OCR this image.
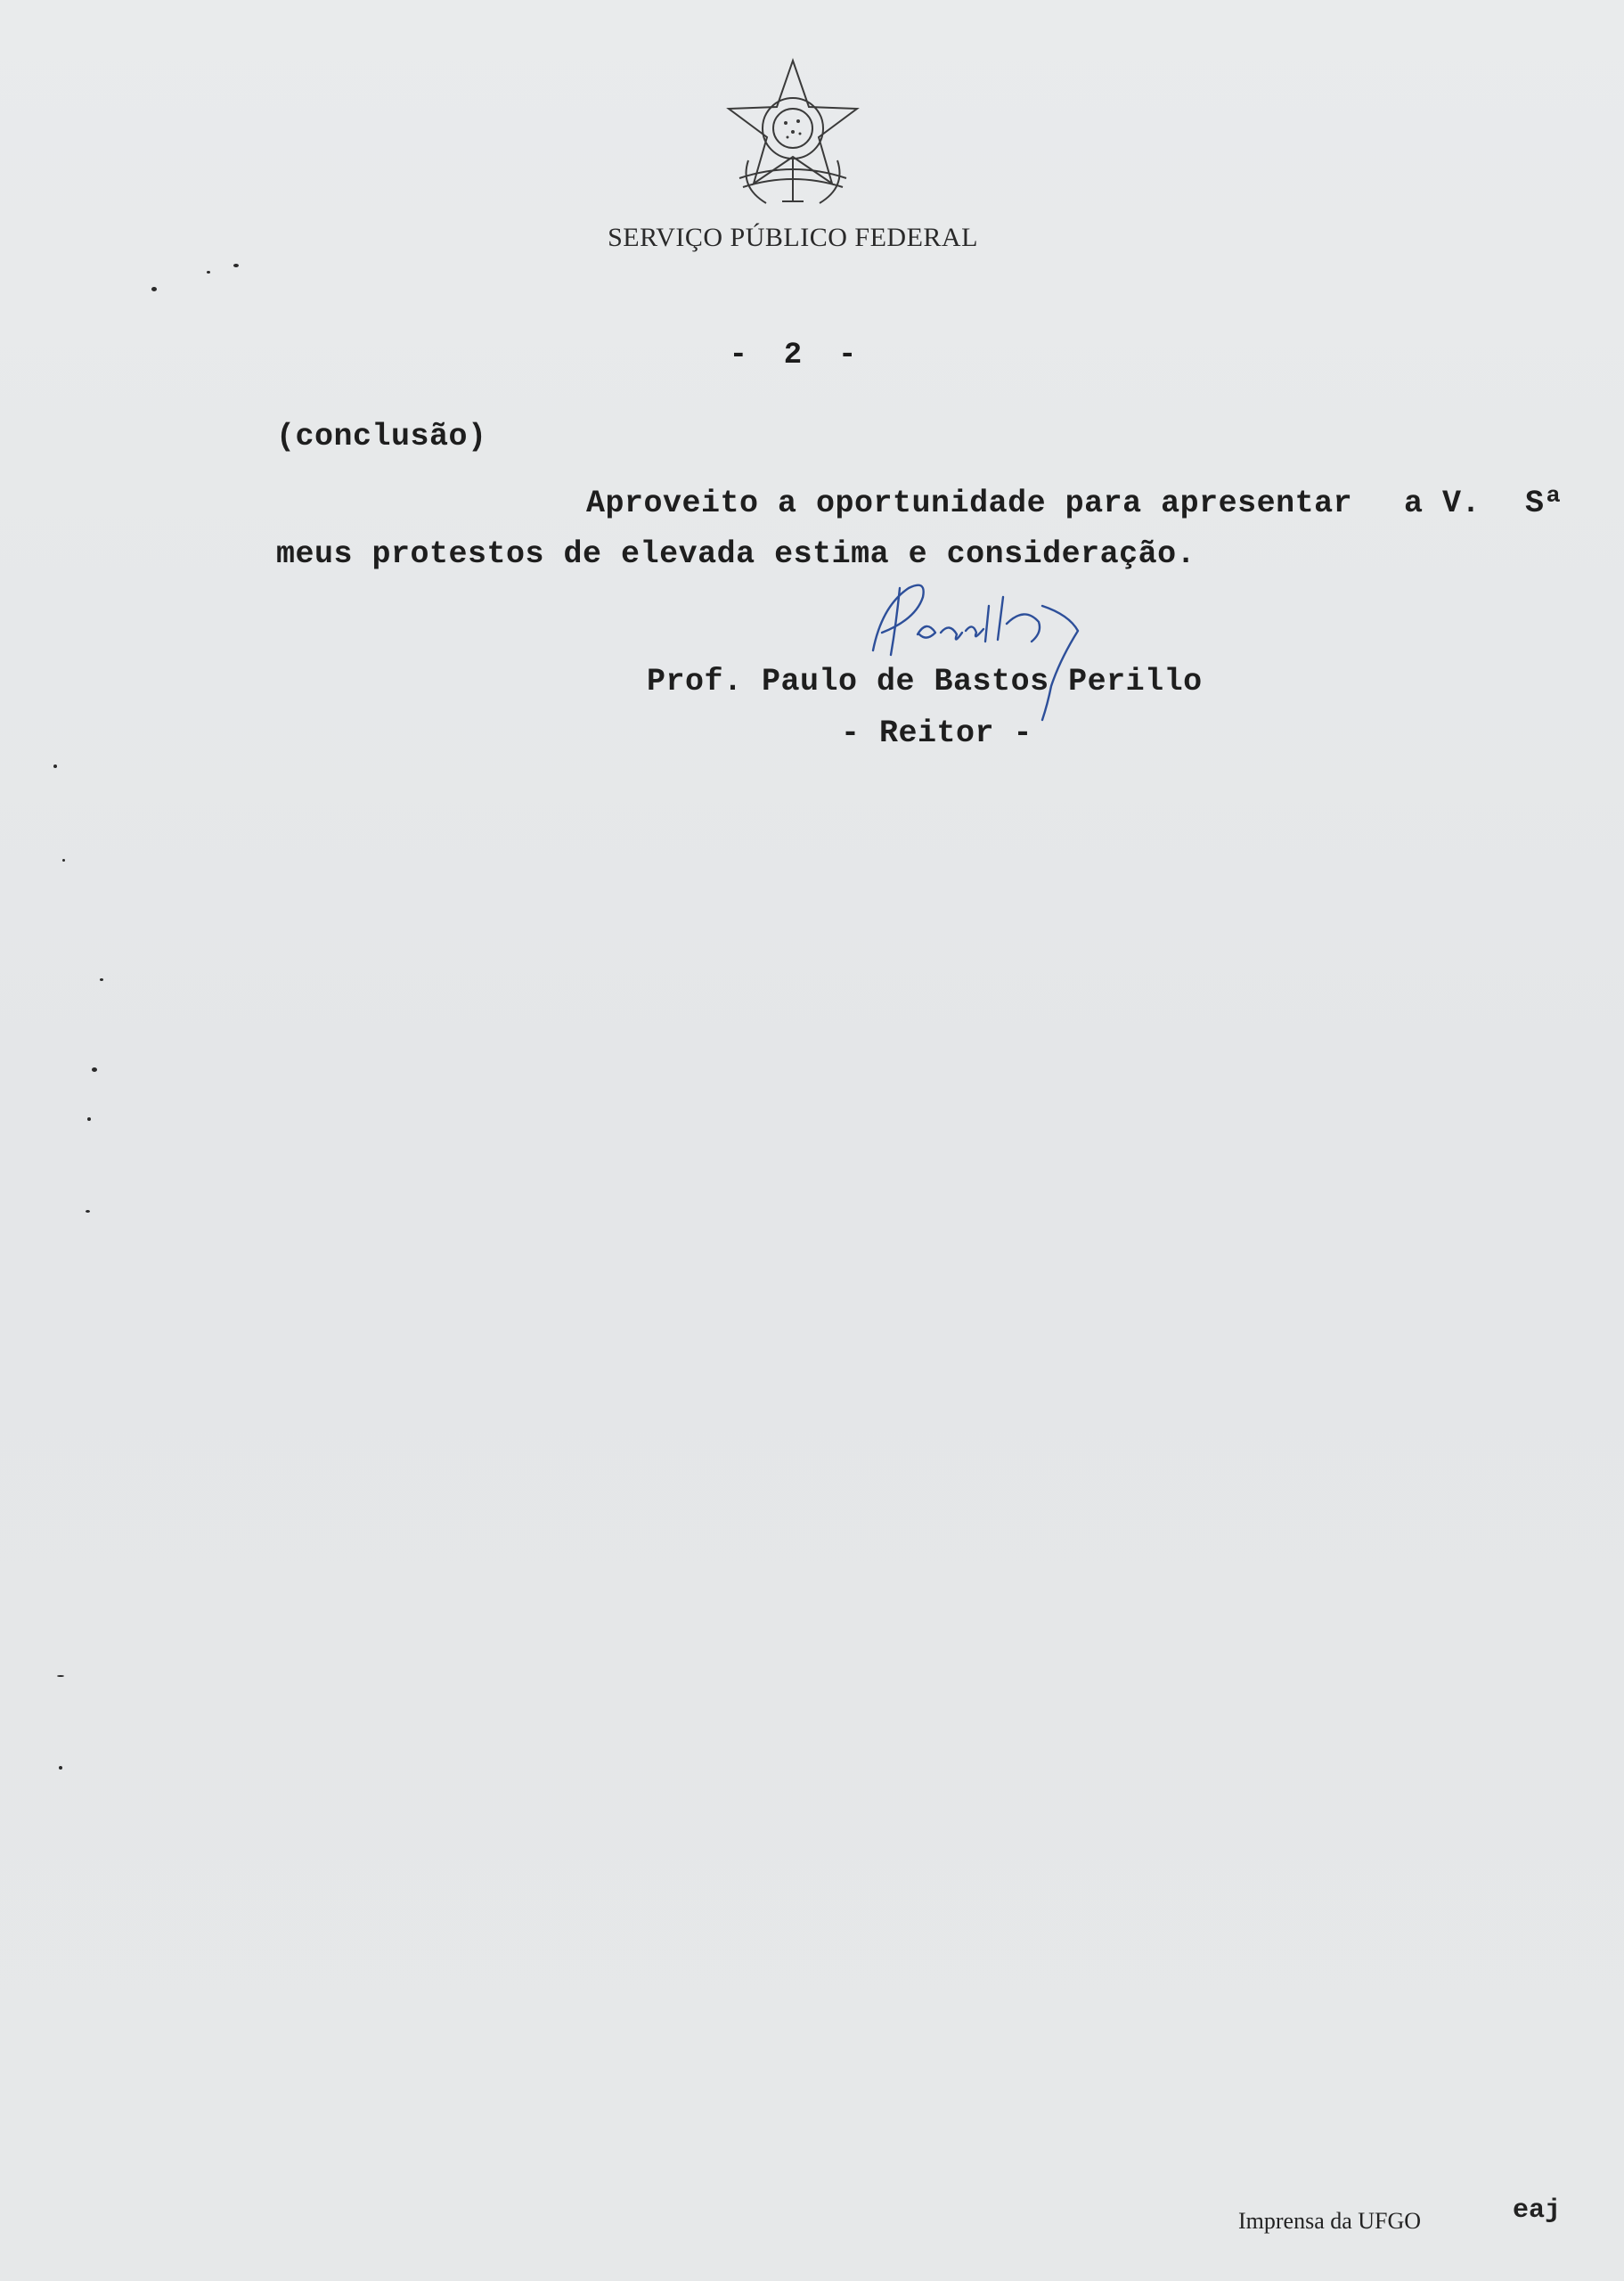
SERVIÇO PÚBLICO FEDERAL
-  2  -
(conclusão)
Aproveito a oportunidade para apresentar a V. Sª
meus protestos de elevada estima e consideração.
Prof. Paulo de Bastos Perillo
- Reitor -
Imprensa da UFGO	eaj
